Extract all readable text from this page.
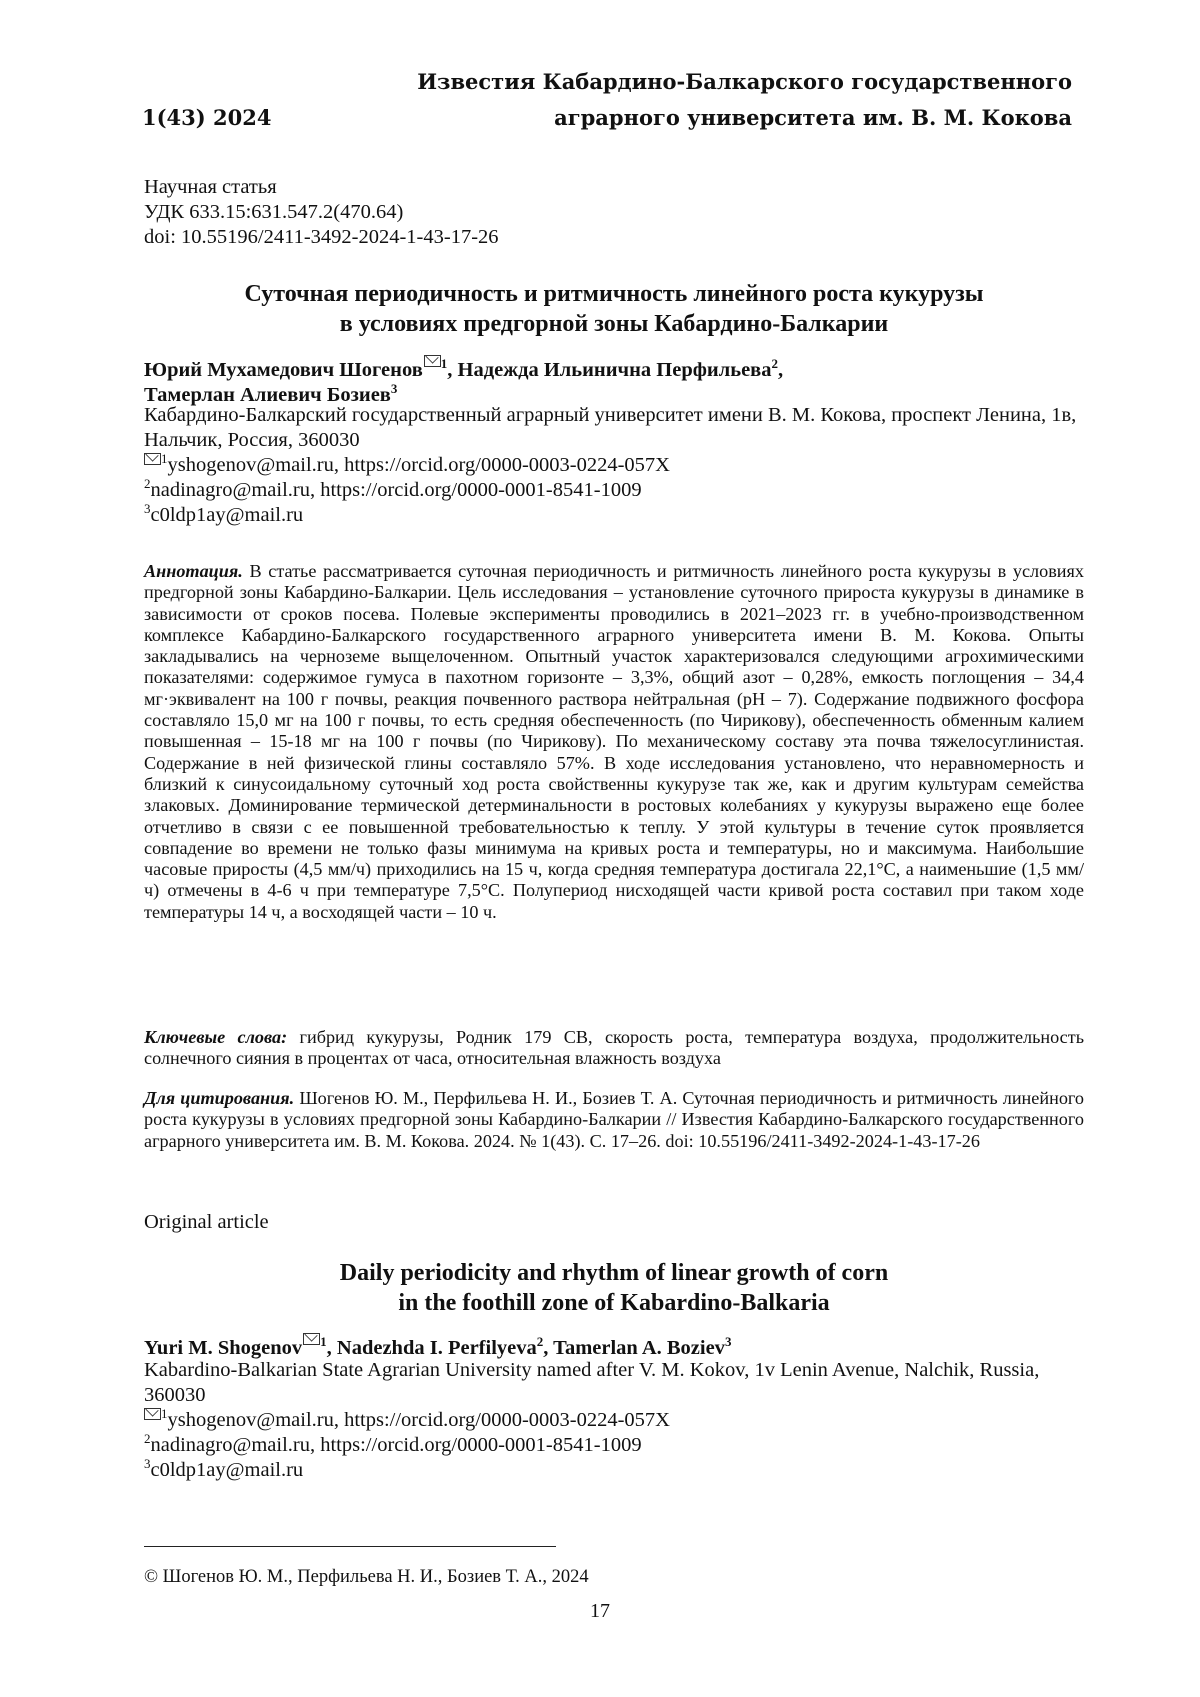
Известия Кабардино-Балкарского государственного
1(43) 2024	аграрного университета им. В. М. Кокова
Научная статья
УДК 633.15:631.547.2(470.64)
doi: 10.55196/2411-3492-2024-1-43-17-26
Суточная периодичность и ритмичность линейного роста кукурузы
в условиях предгорной зоны Кабардино-Балкарии
Юрий Мухамедович Шогенов $^1$, Надежда Ильинична Перфильева$^2$,
Тамерлан Алиевич Бозиев$^3$
Кабардино-Балкарский государственный аграрный университет имени В. М. Кокова, проспект Ленина, 1в, Нальчик, Россия, 360030
$^1$yshogenov@mail.ru, https://orcid.org/0000-0003-0224-057X
$^2$nadinagro@mail.ru, https://orcid.org/0000-0001-8541-1009
$^3$c0ldp1ay@mail.ru
Аннотация. В статье рассматривается суточная периодичность и ритмичность линейного роста кукурузы в условиях предгорной зоны Кабардино-Балкарии. Цель исследования – установление суточного прироста кукурузы в динамике в зависимости от сроков посева. Полевые эксперименты проводились в 2021–2023 гг. в учебно-производственном комплексе Кабардино-Балкарского государственного аграрного университета имени В. М. Кокова. Опыты закладывались на черноземе выщелоченном. Опытный участок характеризовался следующими агрохимическими показателями: содержимое гумуса в пахотном горизонте – 3,3%, общий азот – 0,28%, емкость поглощения – 34,4 мг·эквивалент на 100 г почвы, реакция почвенного раствора нейтральная (рН – 7). Содержание подвижного фосфора составляло 15,0 мг на 100 г почвы, то есть средняя обеспеченность (по Чирикову), обеспеченность обменным калием повышенная – 15-18 мг на 100 г почвы (по Чирикову). По механическому составу эта почва тяжелосуглинистая. Содержание в ней физической глины составляло 57%. В ходе исследования установлено, что неравномерность и близкий к синусоидальному суточный ход роста свойственны кукурузе так же, как и другим культурам семейства злаковых. Доминирование термической детерминальности в ростовых колебаниях у кукурузы выражено еще более отчетливо в связи с ее повышенной требовательностью к теплу. У этой культуры в течение суток проявляется совпадение во времени не только фазы минимума на кривых роста и температуры, но и максимума. Наибольшие часовые приросты (4,5 мм/ч) приходились на 15 ч, когда средняя температура достигала 22,1°С, а наименьшие (1,5 мм/ч) отмечены в 4-6 ч при температуре 7,5°С. Полупериод нисходящей части кривой роста составил при таком ходе температуры 14 ч, а восходящей части – 10 ч.
Ключевые слова: гибрид кукурузы, Родник 179 СВ, скорость роста, температура воздуха, продолжительность солнечного сияния в процентах от часа, относительная влажность воздуха
Для цитирования. Шогенов Ю. М., Перфильева Н. И., Бозиев Т. А. Суточная периодичность и ритмичность линейного роста кукурузы в условиях предгорной зоны Кабардино-Балкарии // Известия Кабардино-Балкарского государственного аграрного университета им. В. М. Кокова. 2024. № 1(43). С. 17–26. doi: 10.55196/2411-3492-2024-1-43-17-26
Original article
Daily periodicity and rhythm of linear growth of corn
in the foothill zone of Kabardino-Balkaria
Yuri M. Shogenov $^1$, Nadezhda I. Perfilyeva$^2$, Tamerlan A. Boziev$^3$
Kabardino-Balkarian State Agrarian University named after V. M. Kokov, 1v Lenin Avenue, Nalchik, Russia, 360030
$^1$yshogenov@mail.ru, https://orcid.org/0000-0003-0224-057X
$^2$nadinagro@mail.ru, https://orcid.org/0000-0001-8541-1009
$^3$c0ldp1ay@mail.ru
© Шогенов Ю. М., Перфильева Н. И., Бозиев Т. А., 2024
17
